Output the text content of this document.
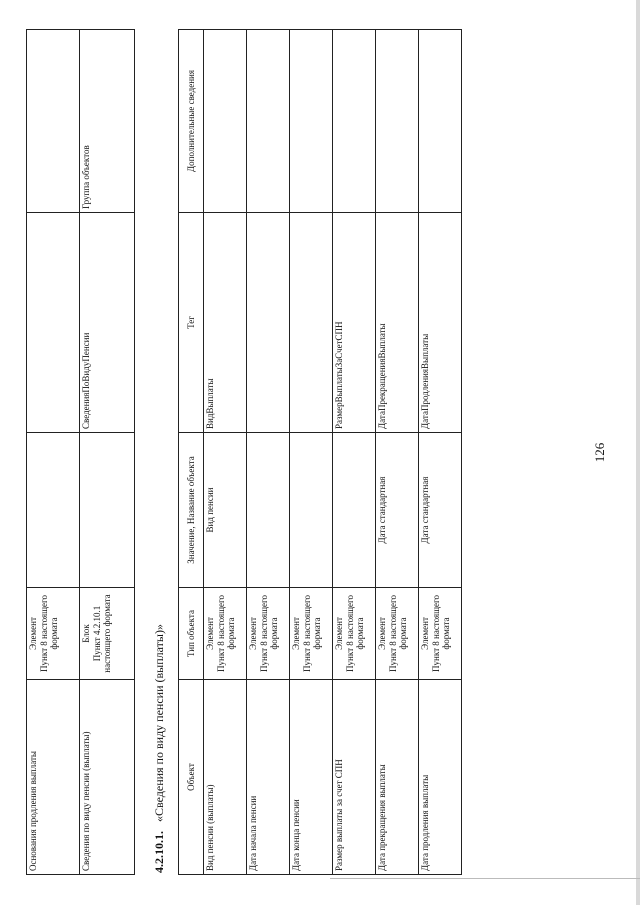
126
Основания продления выплаты	Элемент
Пункт 8 настоящего
формата			
Сведения по виду пенсии (выплаты)	Блок
Пункт 4.2.10.1
настоящего формата		СведенияПоВидуПенсии	Группа объектов
4.2.10.1.   «Сведения по виду пенсии (выплаты)» Объект	Тип объекта	Значение, Название объекта	Тег	Дополнительные сведения
Вид пенсии (выплаты)	Элемент
Пункт 8 настоящего
формата	Вид пенсии	ВидВыплаты	
Дата начала пенсии	Элемент
Пункт 8 настоящего
формата			
Дата конца пенсии	Элемент
Пункт 8 настоящего
формата			
Размер выплаты за счет СПН	Элемент
Пункт 8 настоящего
формата		РазмерВыплатыЗаСчетСПН	
Дата прекращения выплаты	Элемент
Пункт 8 настоящего
формата	Дата стандартная	ДатаПрекращенияВыплаты	
Дата продления выплаты	Элемент
Пункт 8 настоящего
формата	Дата стандартная	ДатаПродленияВыплаты	
